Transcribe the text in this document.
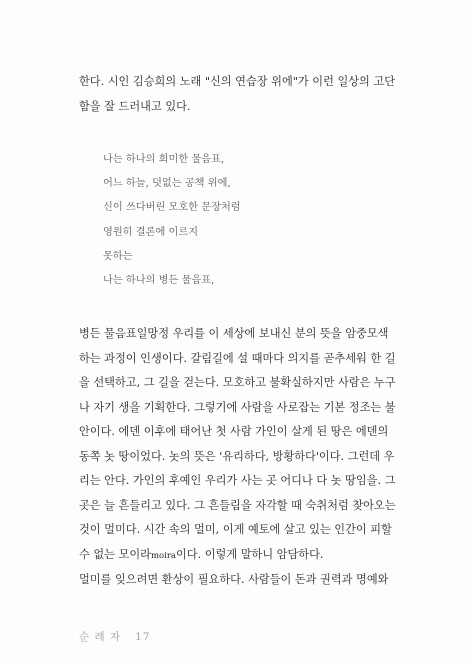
한다. 시인 김승희의 노래 "신의 연습장 위에"가 이런 일상의 고단
함을 잘 드러내고 있다.

나는 하나의 희미한 물음표,
어느 하늘, 덧없는 공책 위에,
신이 쓰다버린 모호한 문장처럼
영원히 결론에 이르지
못하는
나는 하나의 병든 물음표,

병든 물음표일망정 우리를 이 세상에 보내신 분의 뜻을 암중모색
하는 과정이 인생이다. 갈림길에 설 때마다 의지를 곧추세워 한 길
을 선택하고, 그 길을 걷는다. 모호하고 불확실하지만 사람은 누구
나 자기 생을 기획한다. 그렇기에 사람을 사로잡는 기본 정조는 불
안이다. 에덴 이후에 태어난 첫 사람 가인이 살게 된 땅은 에덴의
동쪽 놋 땅이었다. 놋의 뜻은 '유리하다, 방황하다'이다. 그런데 우
리는 안다. 가인의 후예인 우리가 사는 곳 어디나 다 놋 땅임을. 그
곳은 늘 흔들리고 있다. 그 흔들림을 자각할 때 숙취처럼 찾아오는
것이 멀미다. 시간 속의 멀미, 이게 예토에 살고 있는 인간이 피할
수 없는 모이라moira이다. 이렇게 말하니 암담하다.

멀미를 잊으려면 환상이 필요하다. 사람들이 돈과 권력과 명예와

순 례 자 17
